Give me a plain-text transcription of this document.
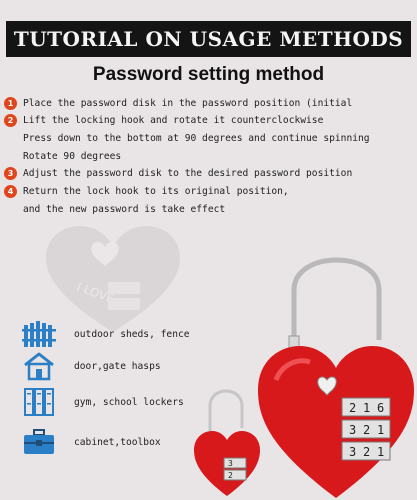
TUTORIAL ON USAGE METHODS
Password setting method
1	Place the password disk in the password position (initial
2	Lift the locking hook and rotate it counterclockwise
Press down to the bottom at 90 degrees and continue spinning
Rotate 90 degrees
3	Adjust the password disk to the desired password position
4	Return the lock hook to its original position,
and the new password is take effect
I LOVE
outdoor sheds, fence
door,gate hasps
gym, school lockers
cabinet,toolbox
2 1 6
3 2 1
3 2 1
3
2
